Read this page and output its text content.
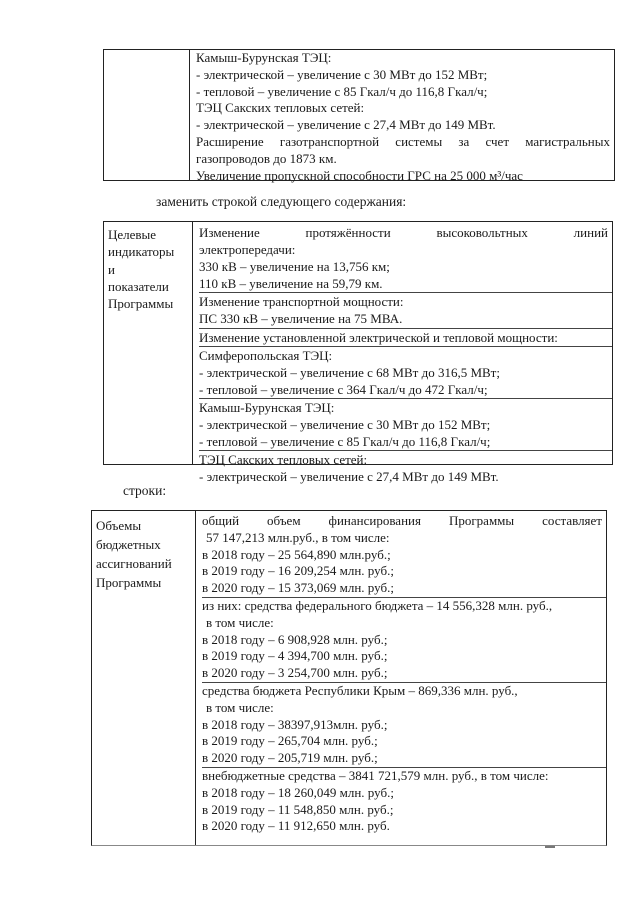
Камыш-Бурунская ТЭЦ:
- электрической – увеличение с 30 МВт до 152 МВт;
- тепловой – увеличение с 85 Гкал/ч до 116,8 Гкал/ч;
ТЭЦ Сакских тепловых сетей:
- электрической – увеличение с 27,4 МВт до 149 МВт.
Расширение газотранспортной системы за счет магистральных
газопроводов до 1873 км.
Увеличение пропускной способности ГРС на 25 000 м³/час
заменить строкой следующего содержания:
Целевые
индикаторы
и
показатели
Программы
Изменение протяжённости высоковольтных линий
электропередачи:
330 кВ – увеличение на 13,756 км;
110 кВ – увеличение на 59,79 км.
Изменение транспортной мощности:
ПС 330 кВ – увеличение на 75 МВА.
Изменение установленной электрической и тепловой мощности:
Симферопольская ТЭЦ:
- электрической – увеличение с 68 МВт до 316,5 МВт;
- тепловой – увеличение с 364 Гкал/ч до 472 Гкал/ч;
Камыш-Бурунская ТЭЦ:
- электрической – увеличение с 30 МВт до 152 МВт;
- тепловой – увеличение с 85 Гкал/ч до 116,8 Гкал/ч;
ТЭЦ Сакских тепловых сетей:
- электрической – увеличение с 27,4 МВт до 149 МВт.
строки:
Объемы
бюджетных
ассигнований
Программы
общий объем финансирования Программы составляет
57 147,213 млн.руб., в том числе:
в 2018 году – 25 564,890 млн.руб.;
в 2019 году – 16 209,254 млн. руб.;
в 2020 году – 15 373,069 млн. руб.;
из них: средства федерального бюджета – 14 556,328 млн. руб.,
в том числе:
в 2018 году – 6 908,928 млн. руб.;
в 2019 году – 4 394,700 млн. руб.;
в 2020 году – 3 254,700 млн. руб.;
средства бюджета Республики Крым – 869,336 млн. руб.,
в том числе:
в 2018 году – 38397,913млн. руб.;
в 2019 году – 265,704 млн. руб.;
в 2020 году – 205,719 млн. руб.;
внебюджетные средства – 3841 721,579 млн. руб., в том числе:
в 2018 году – 18 260,049 млн. руб.;
в 2019 году – 11 548,850 млн. руб.;
в 2020 году – 11 912,650 млн. руб.
